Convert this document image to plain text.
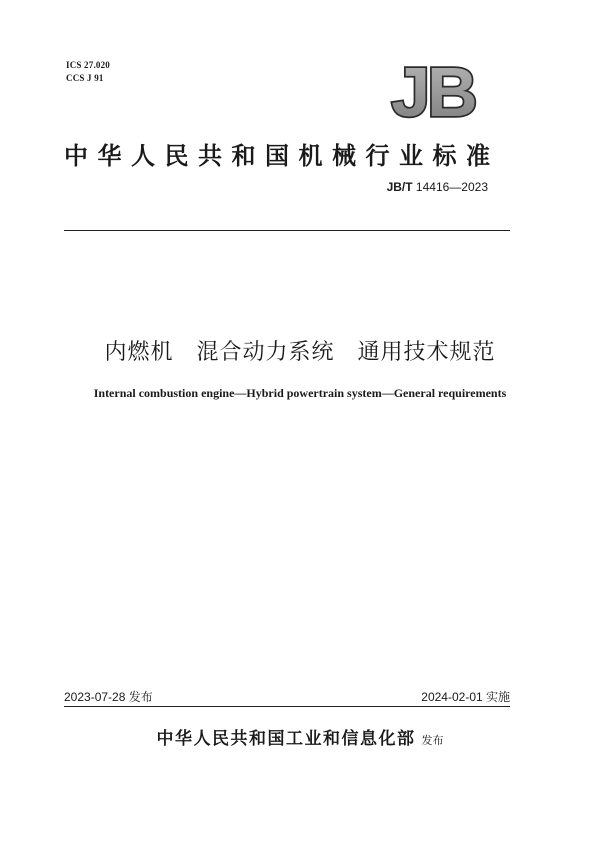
ICS 27.020
CCS J 91	JB
中华人民共和国机械行业标准
JB/T 14416—2023
内燃机　混合动力系统　通用技术规范
Internal combustion engine—Hybrid powertrain system—General requirements
2023-07-28 发布	2024-02-01 实施
中华人民共和国工业和信息化部 发布
